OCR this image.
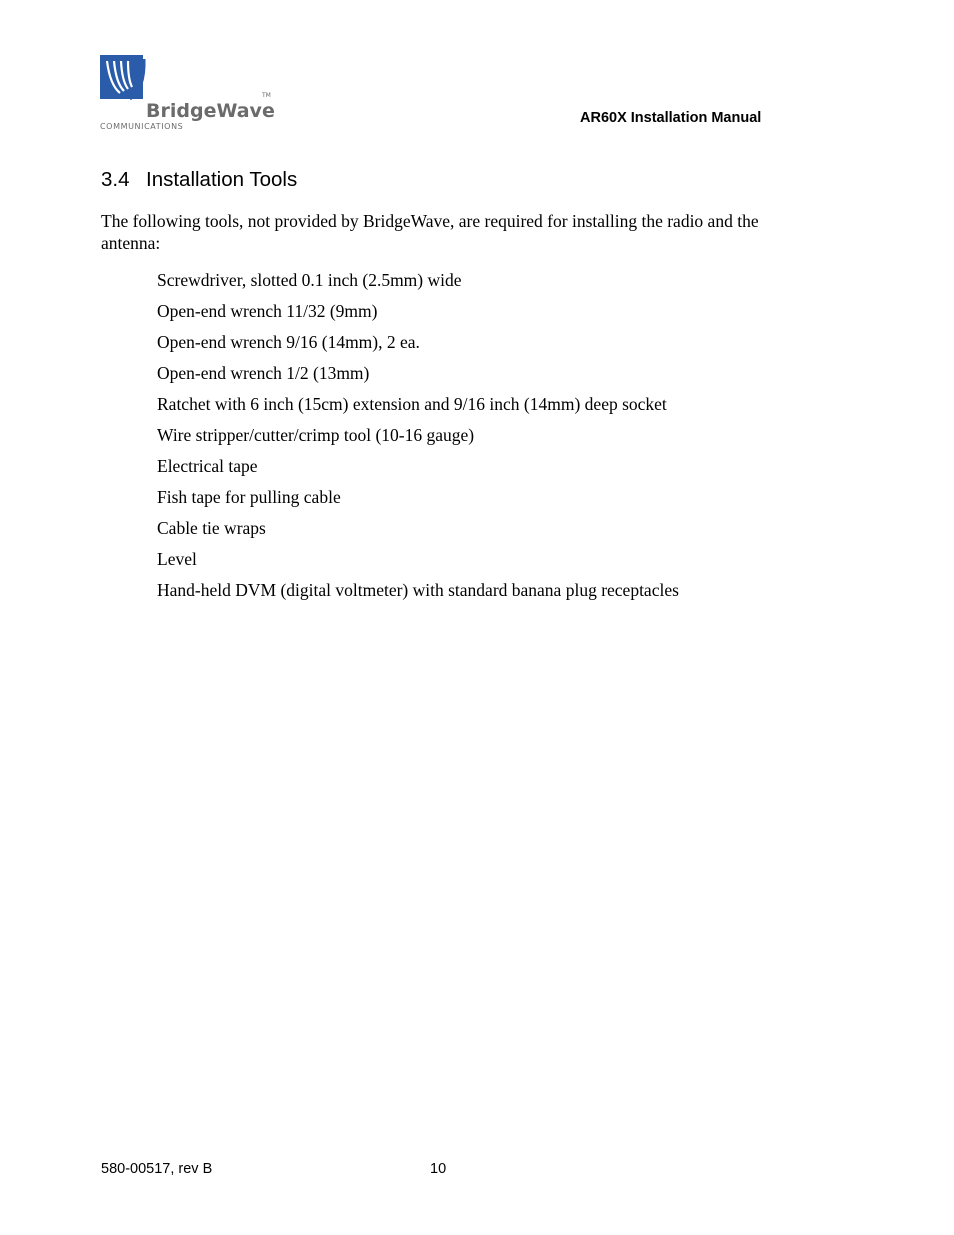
BridgeWave
TM
COMMUNICATIONS
AR60X Installation Manual
3.4 Installation Tools
The following tools, not provided by BridgeWave, are required for installing the radio and the antenna:
Screwdriver, slotted 0.1 inch (2.5mm) wide
Open-end wrench 11/32 (9mm)
Open-end wrench 9/16 (14mm), 2 ea.
Open-end wrench 1/2 (13mm)
Ratchet with 6 inch (15cm) extension and 9/16 inch (14mm) deep socket
Wire stripper/cutter/crimp tool (10-16 gauge)
Electrical tape
Fish tape for pulling cable
Cable tie wraps
Level
Hand-held DVM (digital voltmeter) with standard banana plug receptacles
580-00517, rev B	10
